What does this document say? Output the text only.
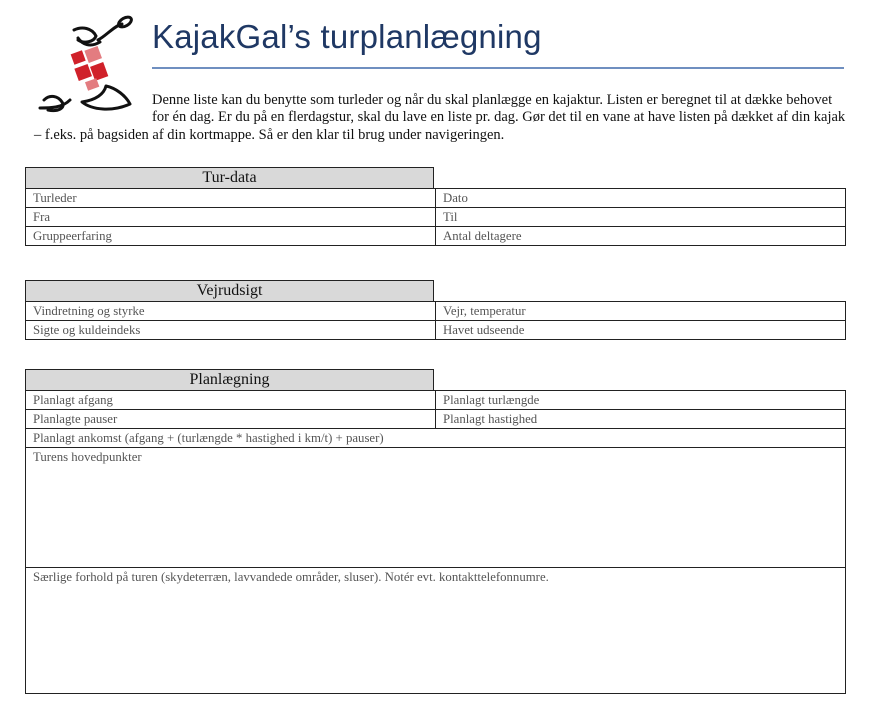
KajakGal’s turplanlægning

Denne liste kan du benytte som turleder og når du skal planlægge en kajaktur. Listen er beregnet til at dække behovet for én dag. Er du på en flerdagstur, skal du lave en liste pr. dag. Gør det til en vane at have listen på dækket af din kajak – f.eks. på bagsiden af din kortmappe. Så er den klar til brug under navigeringen.

Tur-data
Turleder	Dato
Fra	Til
Gruppeerfaring	Antal deltagere
Vejrudsigt
Vindretning og styrke	Vejr, temperatur
Sigte og kuldeindeks	Havet udseende
Planlægning
Planlagt afgang	Planlagt turlængde
Planlagte pauser	Planlagt hastighed
Planlagt ankomst (afgang + (turlængde * hastighed i km/t) + pauser)	
Turens hovedpunkter	
Særlige forhold på turen (skydeterræn, lavvandede områder, sluser). Notér evt. kontakttelefonnumre.	
